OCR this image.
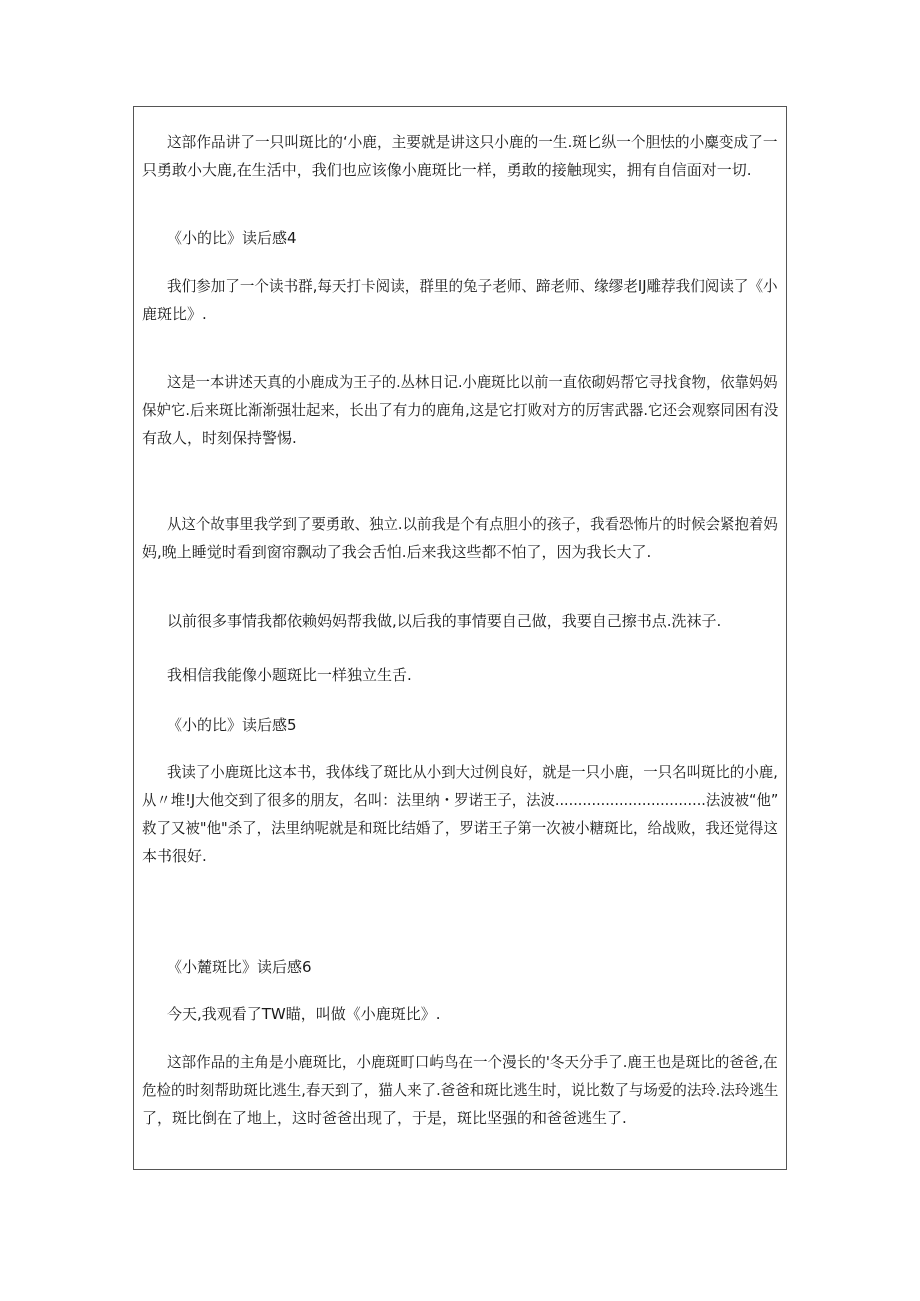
这部作品讲了一只叫斑比的‘小鹿，主要就是讲这只小鹿的一生.斑匕纵一个胆怯的小麋变成了一
只勇敢小大鹿,在生活中，我们也应该像小鹿斑比一样，勇敢的接触现实，拥有自信面对一切.

《小的比》读后感4

我们参加了一个读书群,每天打卡阅读，群里的兔子老师、蹄老师、缘缪老IJ雕荐我们阅读了《小
鹿斑比》.

这是一本讲述天真的小鹿成为王子的.丛林日记.小鹿斑比以前一直依砌妈帮它寻找食物，依靠妈妈
保妒它.后来斑比渐渐强壮起来，长出了有力的鹿角,这是它打败对方的厉害武器.它还会观察同困有没
有敌人，时刻保持警惕.

从这个故事里我学到了要勇敢、独立.以前我是个有点胆小的孩子，我看恐怖片的时候会紧抱着妈
妈,晚上睡觉时看到窗帘飘动了我会舌怕.后来我这些都不怕了，因为我长大了.

以前很多事情我都依赖妈妈帮我做,以后我的事情要自己做，我要自己擦书点.洗袜子.

我相信我能像小题斑比一样独立生舌.

《小的比》读后感5

我读了小鹿斑比这本书，我体线了斑比从小到大过例良好，就是一只小鹿，一只名叫斑比的小鹿,
从〃堆!J大他交到了很多的朋友，名叫：法里纳・罗诺王子，法波.................................法波被“他”
救了又被"他"杀了，法里纳呢就是和斑比结婚了，罗诺王子第一次被小糖斑比，给战败，我还觉得这
本书很好.

《小麓斑比》读后感6

今天,我观看了TW瞄，叫做《小鹿斑比》.

这部作品的主角是小鹿斑比，小鹿斑町口屿鸟在一个漫长的'冬天分手了.鹿王也是斑比的爸爸,在
危检的时刻帮助斑比逃生,春天到了，猫人来了.爸爸和斑比逃生时，说比数了与场爱的法玲.法玲逃生
了，斑比倒在了地上，这时爸爸出现了，于是，斑比坚强的和爸爸逃生了.
